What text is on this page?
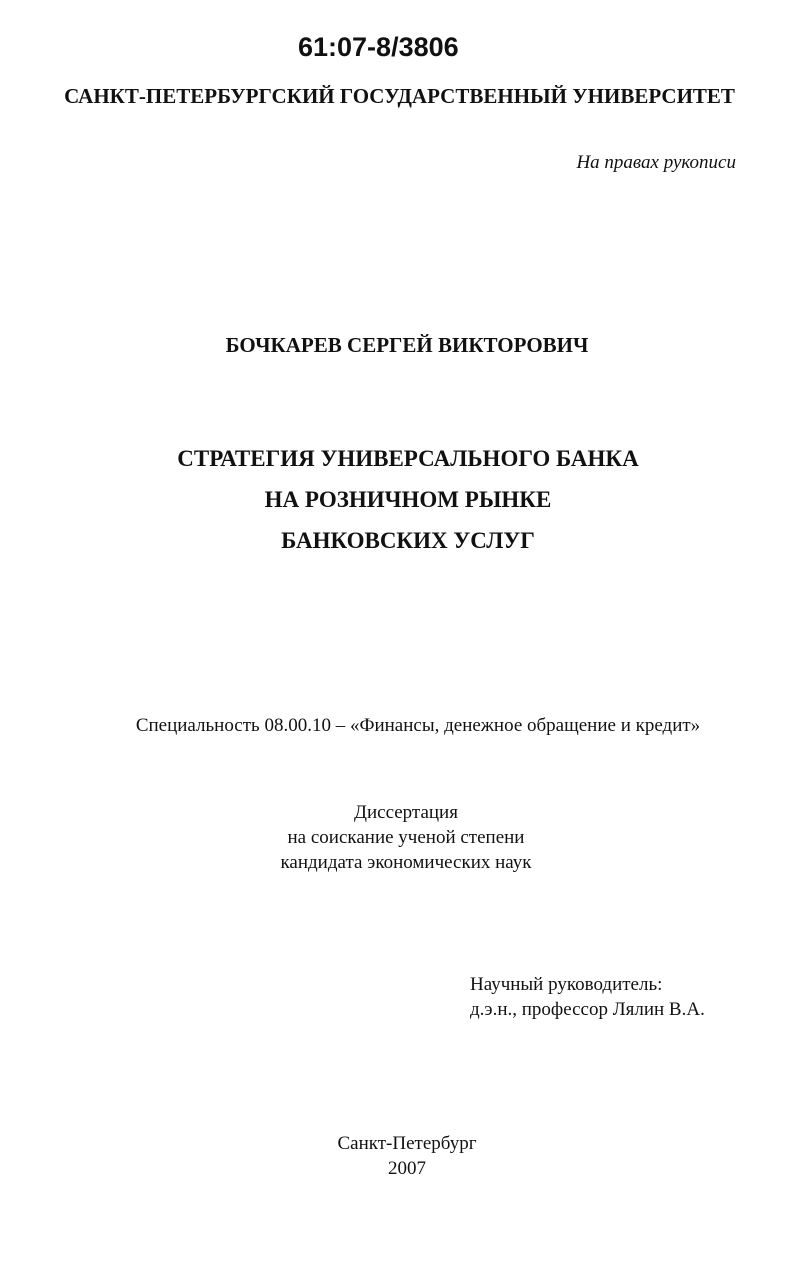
61:07-8/3806
САНКТ-ПЕТЕРБУРГСКИЙ ГОСУДАРСТВЕННЫЙ УНИВЕРСИТЕТ
На правах рукописи
БОЧКАРЕВ СЕРГЕЙ ВИКТОРОВИЧ
СТРАТЕГИЯ УНИВЕРСАЛЬНОГО БАНКА
НА РОЗНИЧНОМ РЫНКЕ
БАНКОВСКИХ УСЛУГ
Специальность 08.00.10 – «Финансы, денежное обращение и кредит»
Диссертация
на соискание ученой степени
кандидата экономических наук
Научный руководитель:
д.э.н., профессор Лялин В.А.
Санкт-Петербург
2007
